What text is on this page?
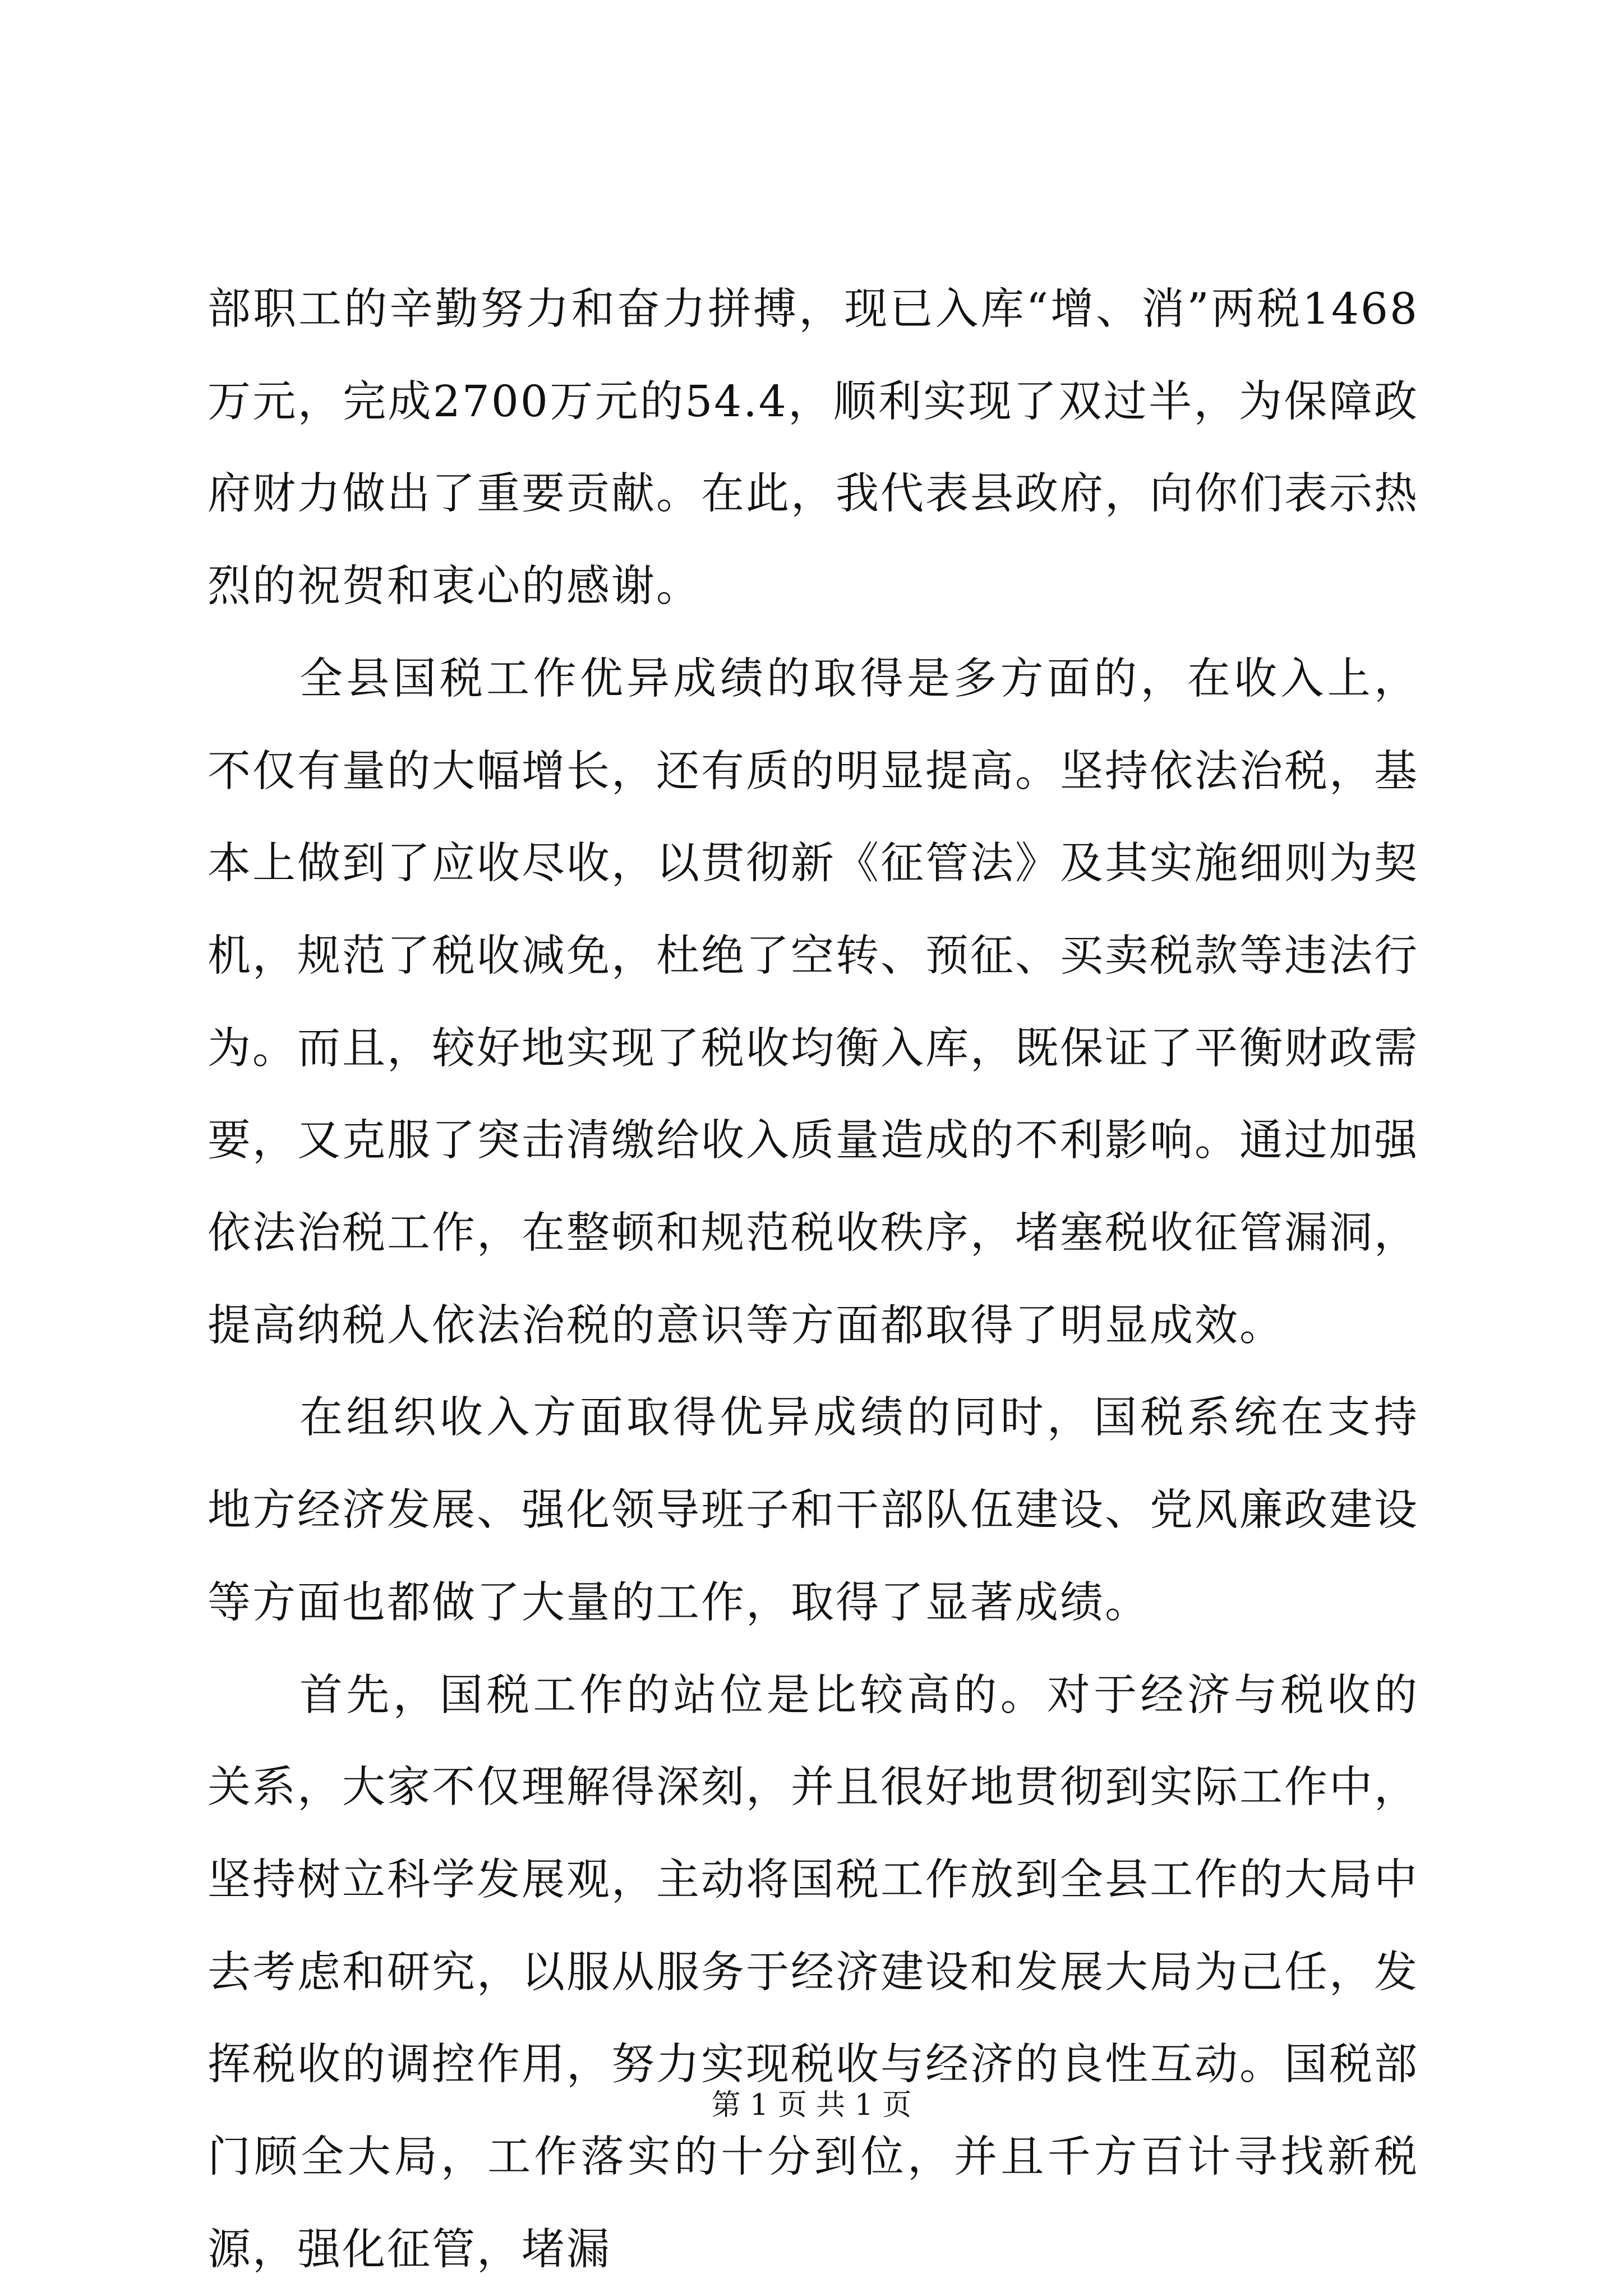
部职工的辛勤努力和奋力拼搏，现已入库“增、消”两税1468万元，完成2700万元的54.4，顺利实现了双过半，为保障政府财力做出了重要贡献。在此，我代表县政府，向你们表示热烈的祝贺和衷心的感谢。

全县国税工作优异成绩的取得是多方面的，在收入上，不仅有量的大幅增长，还有质的明显提高。坚持依法治税，基本上做到了应收尽收，以贯彻新《征管法》及其实施细则为契机，规范了税收减免，杜绝了空转、预征、买卖税款等违法行为。而且，较好地实现了税收均衡入库，既保证了平衡财政需要，又克服了突击清缴给收入质量造成的不利影响。通过加强依法治税工作，在整顿和规范税收秩序，堵塞税收征管漏洞，提高纳税人依法治税的意识等方面都取得了明显成效。

在组织收入方面取得优异成绩的同时，国税系统在支持地方经济发展、强化领导班子和干部队伍建设、党风廉政建设等方面也都做了大量的工作，取得了显著成绩。

首先，国税工作的站位是比较高的。对于经济与税收的关系，大家不仅理解得深刻，并且很好地贯彻到实际工作中，坚持树立科学发展观，主动将国税工作放到全县工作的大局中去考虑和研究，以服从服务于经济建设和发展大局为己任，发挥税收的调控作用，努力实现税收与经济的良性互动。国税部门顾全大局，工作落实的十分到位，并且千方百计寻找新税源，强化征管，堵漏

第 1 页 共 1 页
